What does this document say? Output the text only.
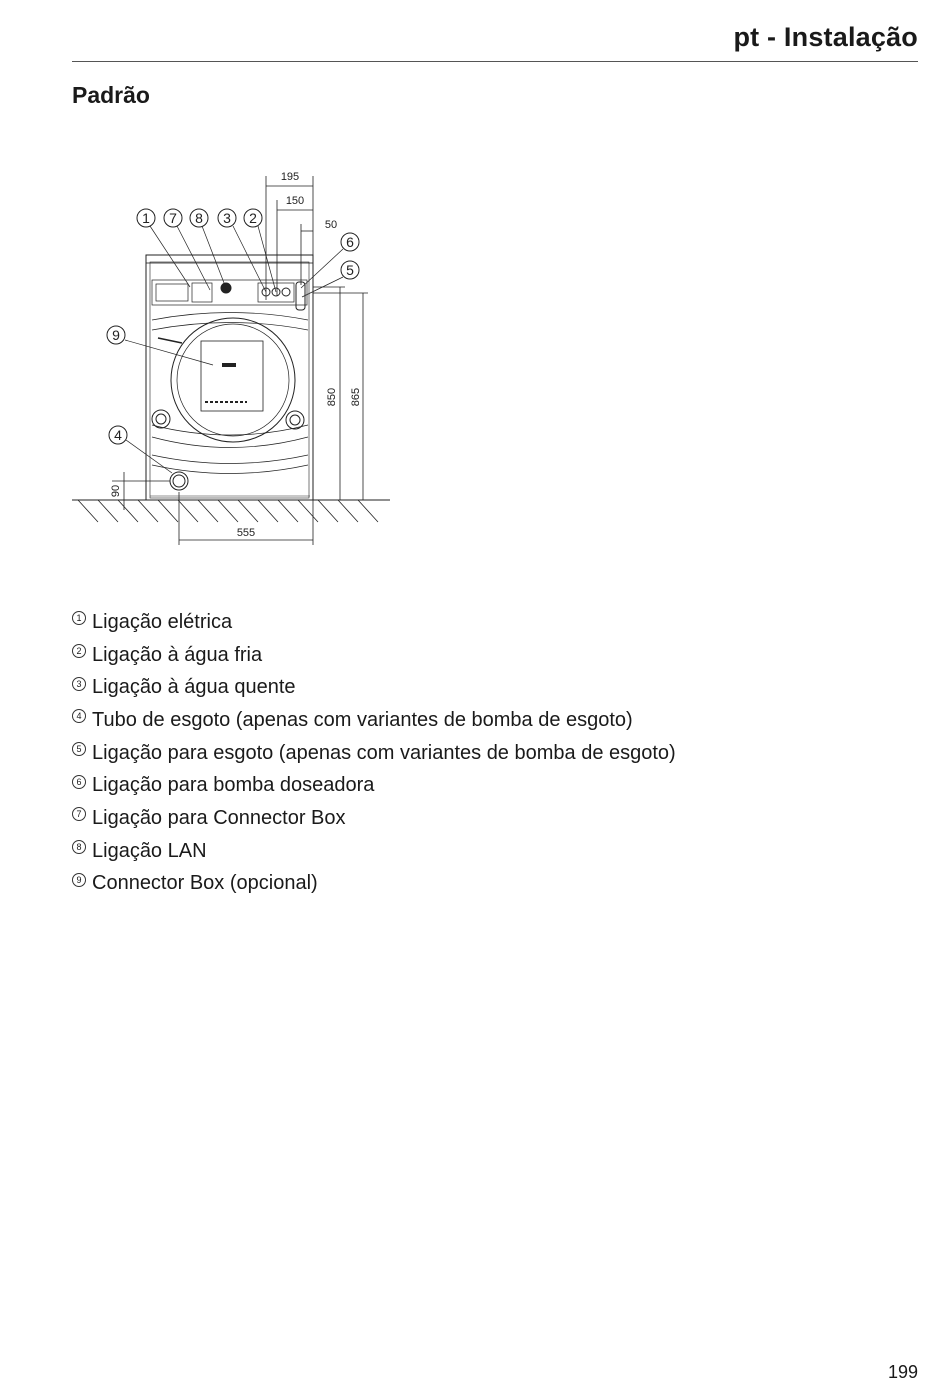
pt - Instalação
Padrão
1 7 8 3 2
6
5
9
4
195
150
50
555
850 865
90
1 Ligação elétrica
2 Ligação à água fria
3 Ligação à água quente
4 Tubo de esgoto (apenas com variantes de bomba de esgoto)
5 Ligação para esgoto (apenas com variantes de bomba de esgoto)
6 Ligação para bomba doseadora
7 Ligação para Connector Box
8 Ligação LAN
9 Connector Box (opcional)
199
